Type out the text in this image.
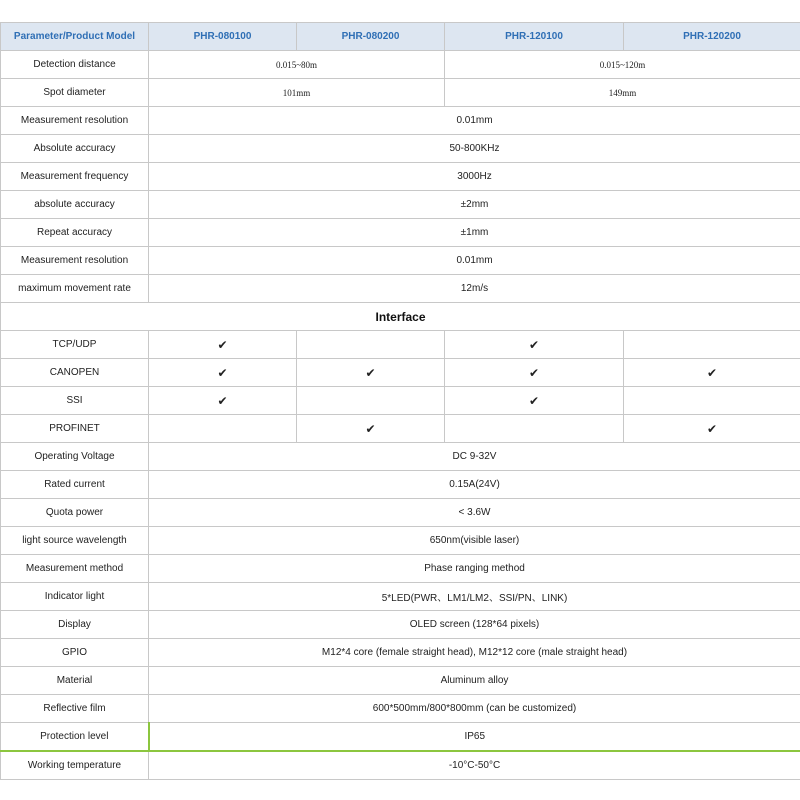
Parameter/Product Model	PHR-080100	PHR-080200	PHR-120100	PHR-120200
Detection distance	0.015~80m		0.015~120m	
Spot diameter	101mm		149mm	
Measurement resolution	0.01mm			
Absolute accuracy	50-800KHz			
Measurement frequency	3000Hz			
absolute accuracy	±2mm			
Repeat accuracy	±1mm			
Measurement resolution	0.01mm			
maximum movement rate	12m/s			
Interface				
TCP/UDP	✔		✔	
CANOPEN	✔	✔	✔	✔
SSI	✔		✔	
PROFINET		✔		✔
Operating Voltage	DC 9-32V			
Rated current	0.15A(24V)			
Quota power	< 3.6W			
light source wavelength	650nm(visible laser)			
Measurement method	Phase ranging method			
Indicator light	5*LED(PWR、LM1/LM2、SSI/PN、LINK)			
Display	OLED screen (128*64 pixels)			
GPIO	M12*4 core (female straight head), M12*12 core (male straight head)			
Material	Aluminum alloy			
Reflective film	600*500mm/800*800mm (can be customized)			
Protection level	IP65			
Working temperature	-10°C-50°C			
